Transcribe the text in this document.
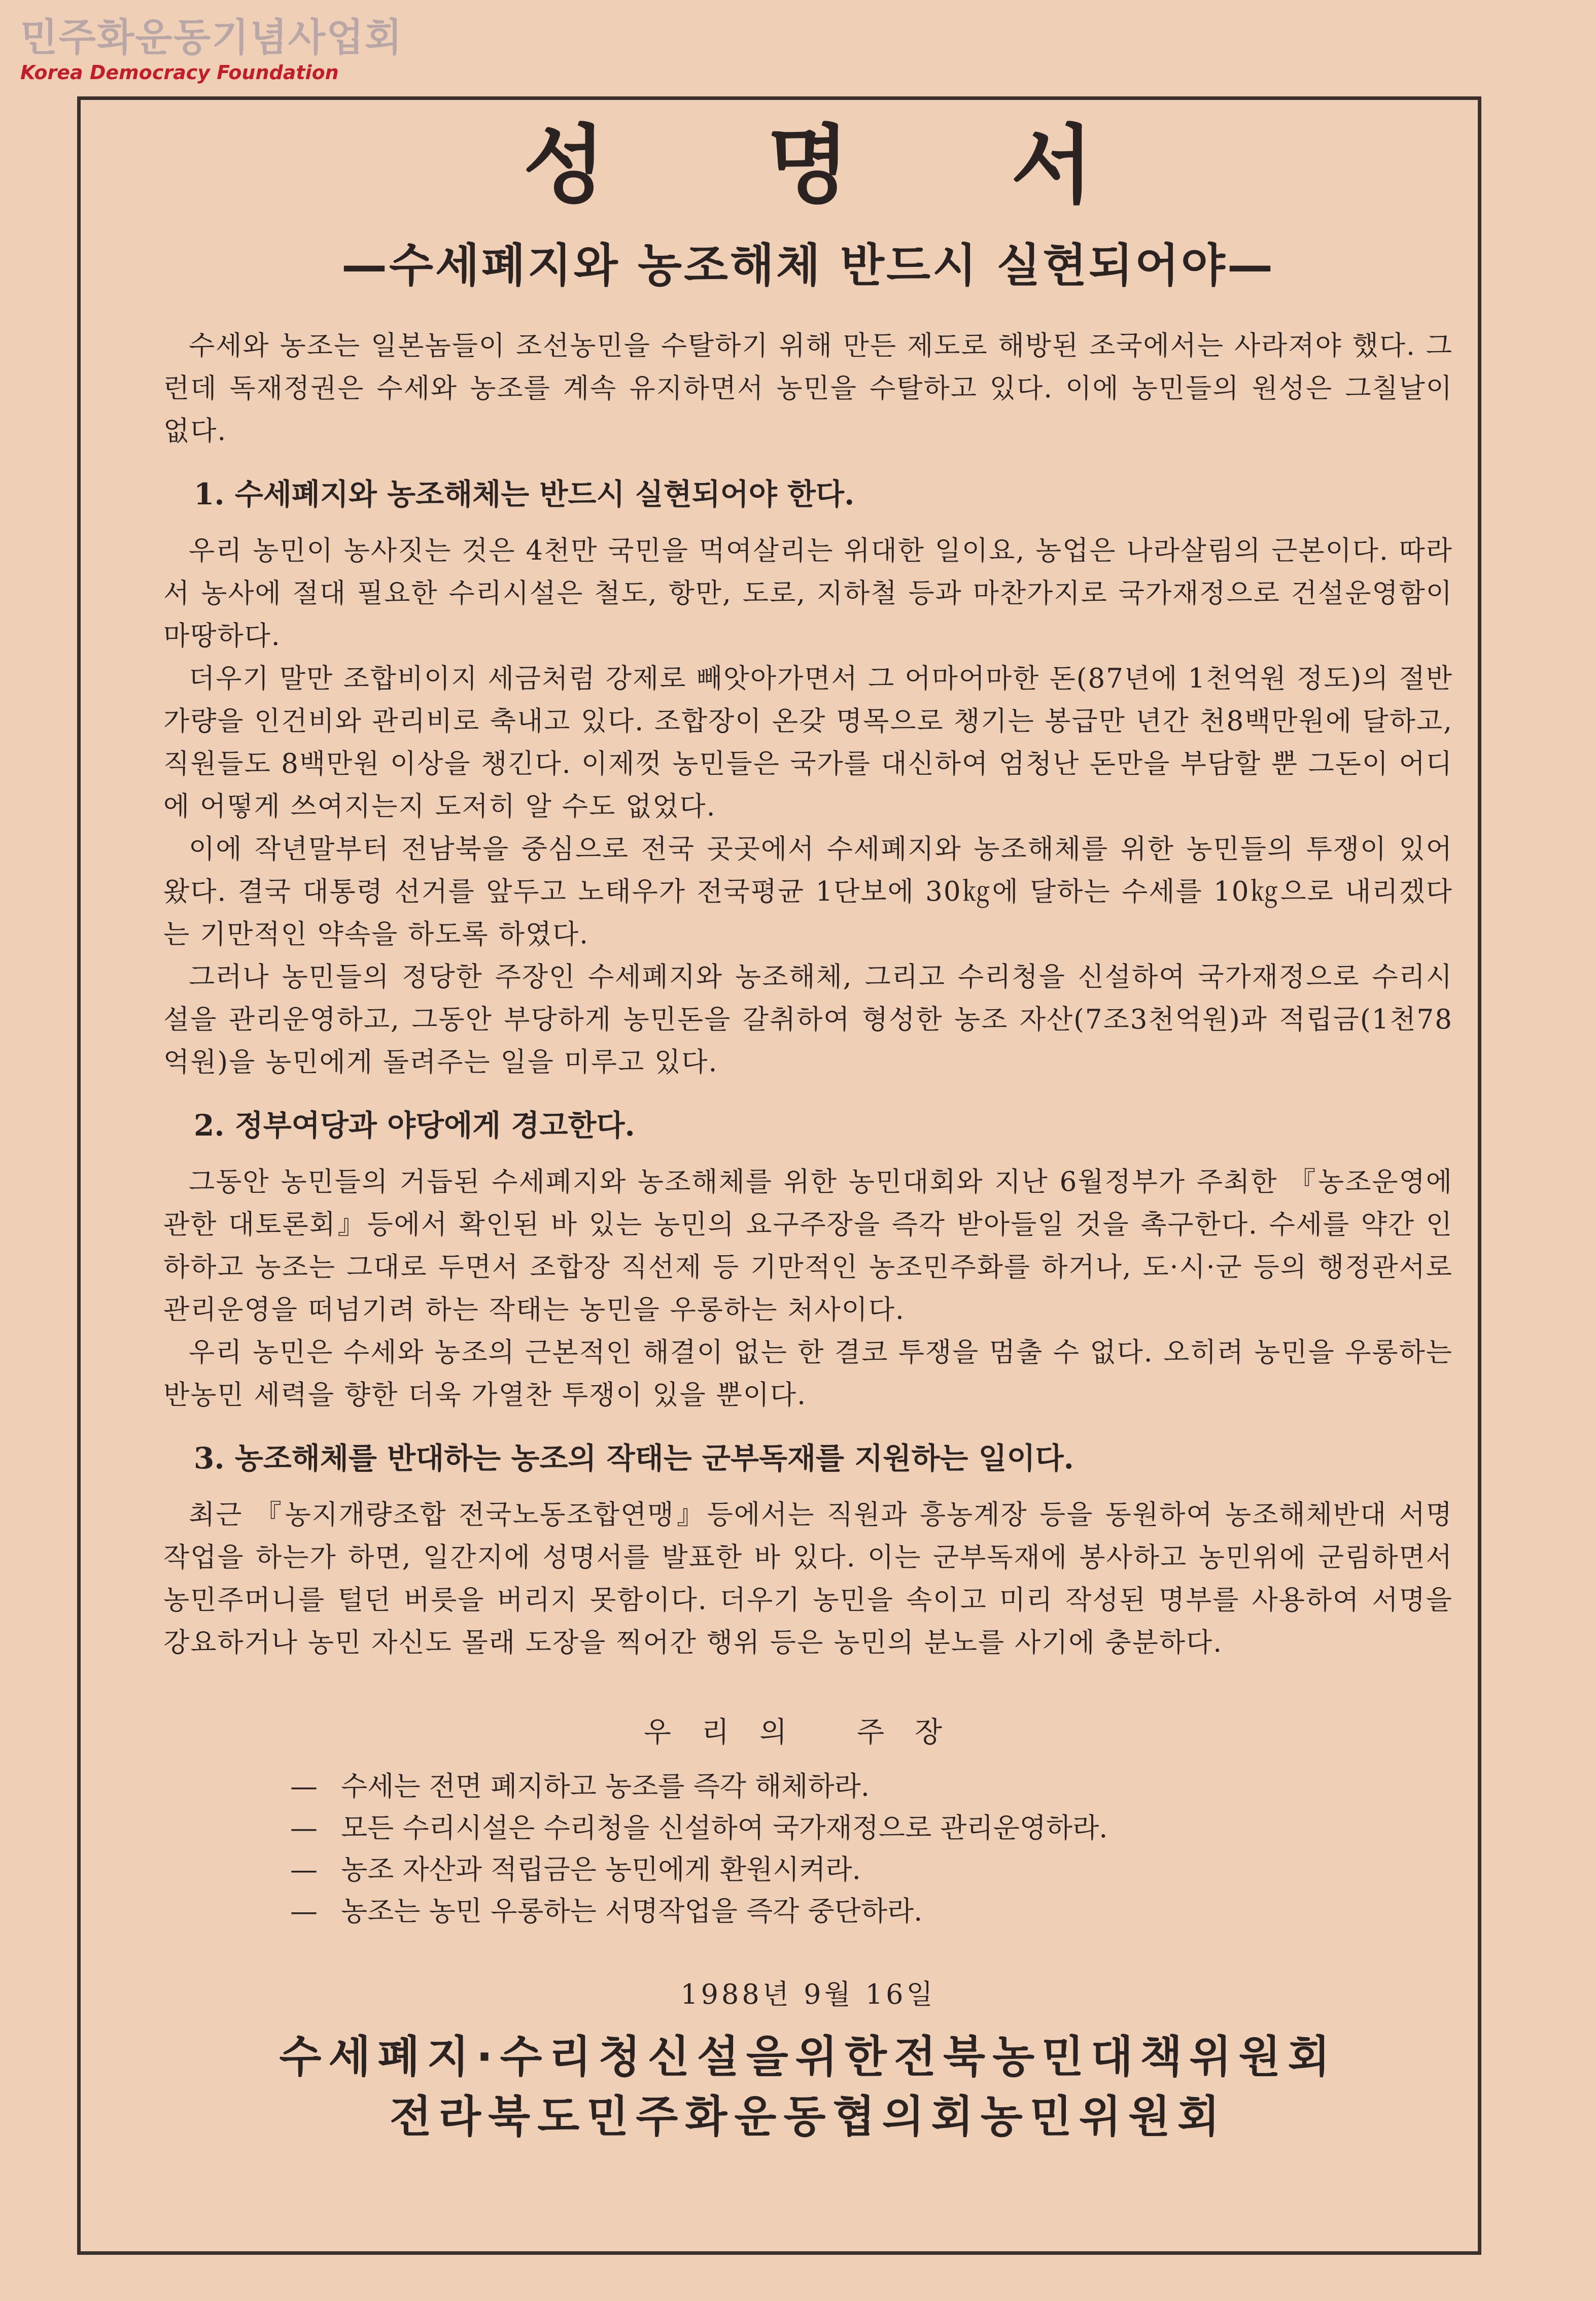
민주화운동기념사업회
Korea Democracy Foundation
성 명 서
—수세폐지와 농조해체 반드시 실현되어야—

수세와 농조는 일본놈들이 조선농민을 수탈하기 위해 만든 제도로 해방된 조국에서는 사라져야 했다. 그런데 독재정권은 수세와 농조를 계속 유지하면서 농민을 수탈하고 있다. 이에 농민들의 원성은 그칠날이 없다.

1. 수세폐지와 농조해체는 반드시 실현되어야 한다.

우리 농민이 농사짓는 것은 4천만 국민을 먹여살리는 위대한 일이요, 농업은 나라살림의 근본이다. 따라서 농사에 절대 필요한 수리시설은 철도, 항만, 도로, 지하철 등과 마찬가지로 국가재정으로 건설운영함이 마땅하다.

더우기 말만 조합비이지 세금처럼 강제로 빼앗아가면서 그 어마어마한 돈(87년에 1천억원 정도)의 절반가량을 인건비와 관리비로 축내고 있다. 조합장이 온갖 명목으로 챙기는 봉급만 년간 천8백만원에 달하고, 직원들도 8백만원 이상을 챙긴다. 이제껏 농민들은 국가를 대신하여 엄청난 돈만을 부담할 뿐 그돈이 어디에 어떻게 쓰여지는지 도저히 알 수도 없었다.

이에 작년말부터 전남북을 중심으로 전국 곳곳에서 수세폐지와 농조해체를 위한 농민들의 투쟁이 있어왔다. 결국 대통령 선거를 앞두고 노태우가 전국평균 1단보에 30㎏에 달하는 수세를 10㎏으로 내리겠다는 기만적인 약속을 하도록 하였다.

그러나 농민들의 정당한 주장인 수세폐지와 농조해체, 그리고 수리청을 신설하여 국가재정으로 수리시설을 관리운영하고, 그동안 부당하게 농민돈을 갈취하여 형성한 농조 자산(7조3천억원)과 적립금(1천78억원)을 농민에게 돌려주는 일을 미루고 있다.

2. 정부여당과 야당에게 경고한다.

그동안 농민들의 거듭된 수세폐지와 농조해체를 위한 농민대회와 지난 6월정부가 주최한 『농조운영에 관한 대토론회』등에서 확인된 바 있는 농민의 요구주장을 즉각 받아들일 것을 촉구한다. 수세를 약간 인하하고 농조는 그대로 두면서 조합장 직선제 등 기만적인 농조민주화를 하거나, 도·시·군 등의 행정관서로 관리운영을 떠넘기려 하는 작태는 농민을 우롱하는 처사이다.

우리 농민은 수세와 농조의 근본적인 해결이 없는 한 결코 투쟁을 멈출 수 없다. 오히려 농민을 우롱하는 반농민 세력을 향한 더욱 가열찬 투쟁이 있을 뿐이다.

3. 농조해체를 반대하는 농조의 작태는 군부독재를 지원하는 일이다.

최근 『농지개량조합 전국노동조합연맹』등에서는 직원과 흥농계장 등을 동원하여 농조해체반대 서명작업을 하는가 하면, 일간지에 성명서를 발표한 바 있다. 이는 군부독재에 봉사하고 농민위에 군림하면서 농민주머니를 털던 버릇을 버리지 못함이다. 더우기 농민을 속이고 미리 작성된 명부를 사용하여 서명을 강요하거나 농민 자신도 몰래 도장을 찍어간 행위 등은 농민의 분노를 사기에 충분하다.

우리의 주장
— 수세는 전면 폐지하고 농조를 즉각 해체하라.
— 모든 수리시설은 수리청을 신설하여 국가재정으로 관리운영하라.
— 농조 자산과 적립금은 농민에게 환원시켜라.
— 농조는 농민 우롱하는 서명작업을 즉각 중단하라.
1988년 9월 16일
수세폐지·수리청신설을위한전북농민대책위원회
전라북도민주화운동협의회농민위원회
